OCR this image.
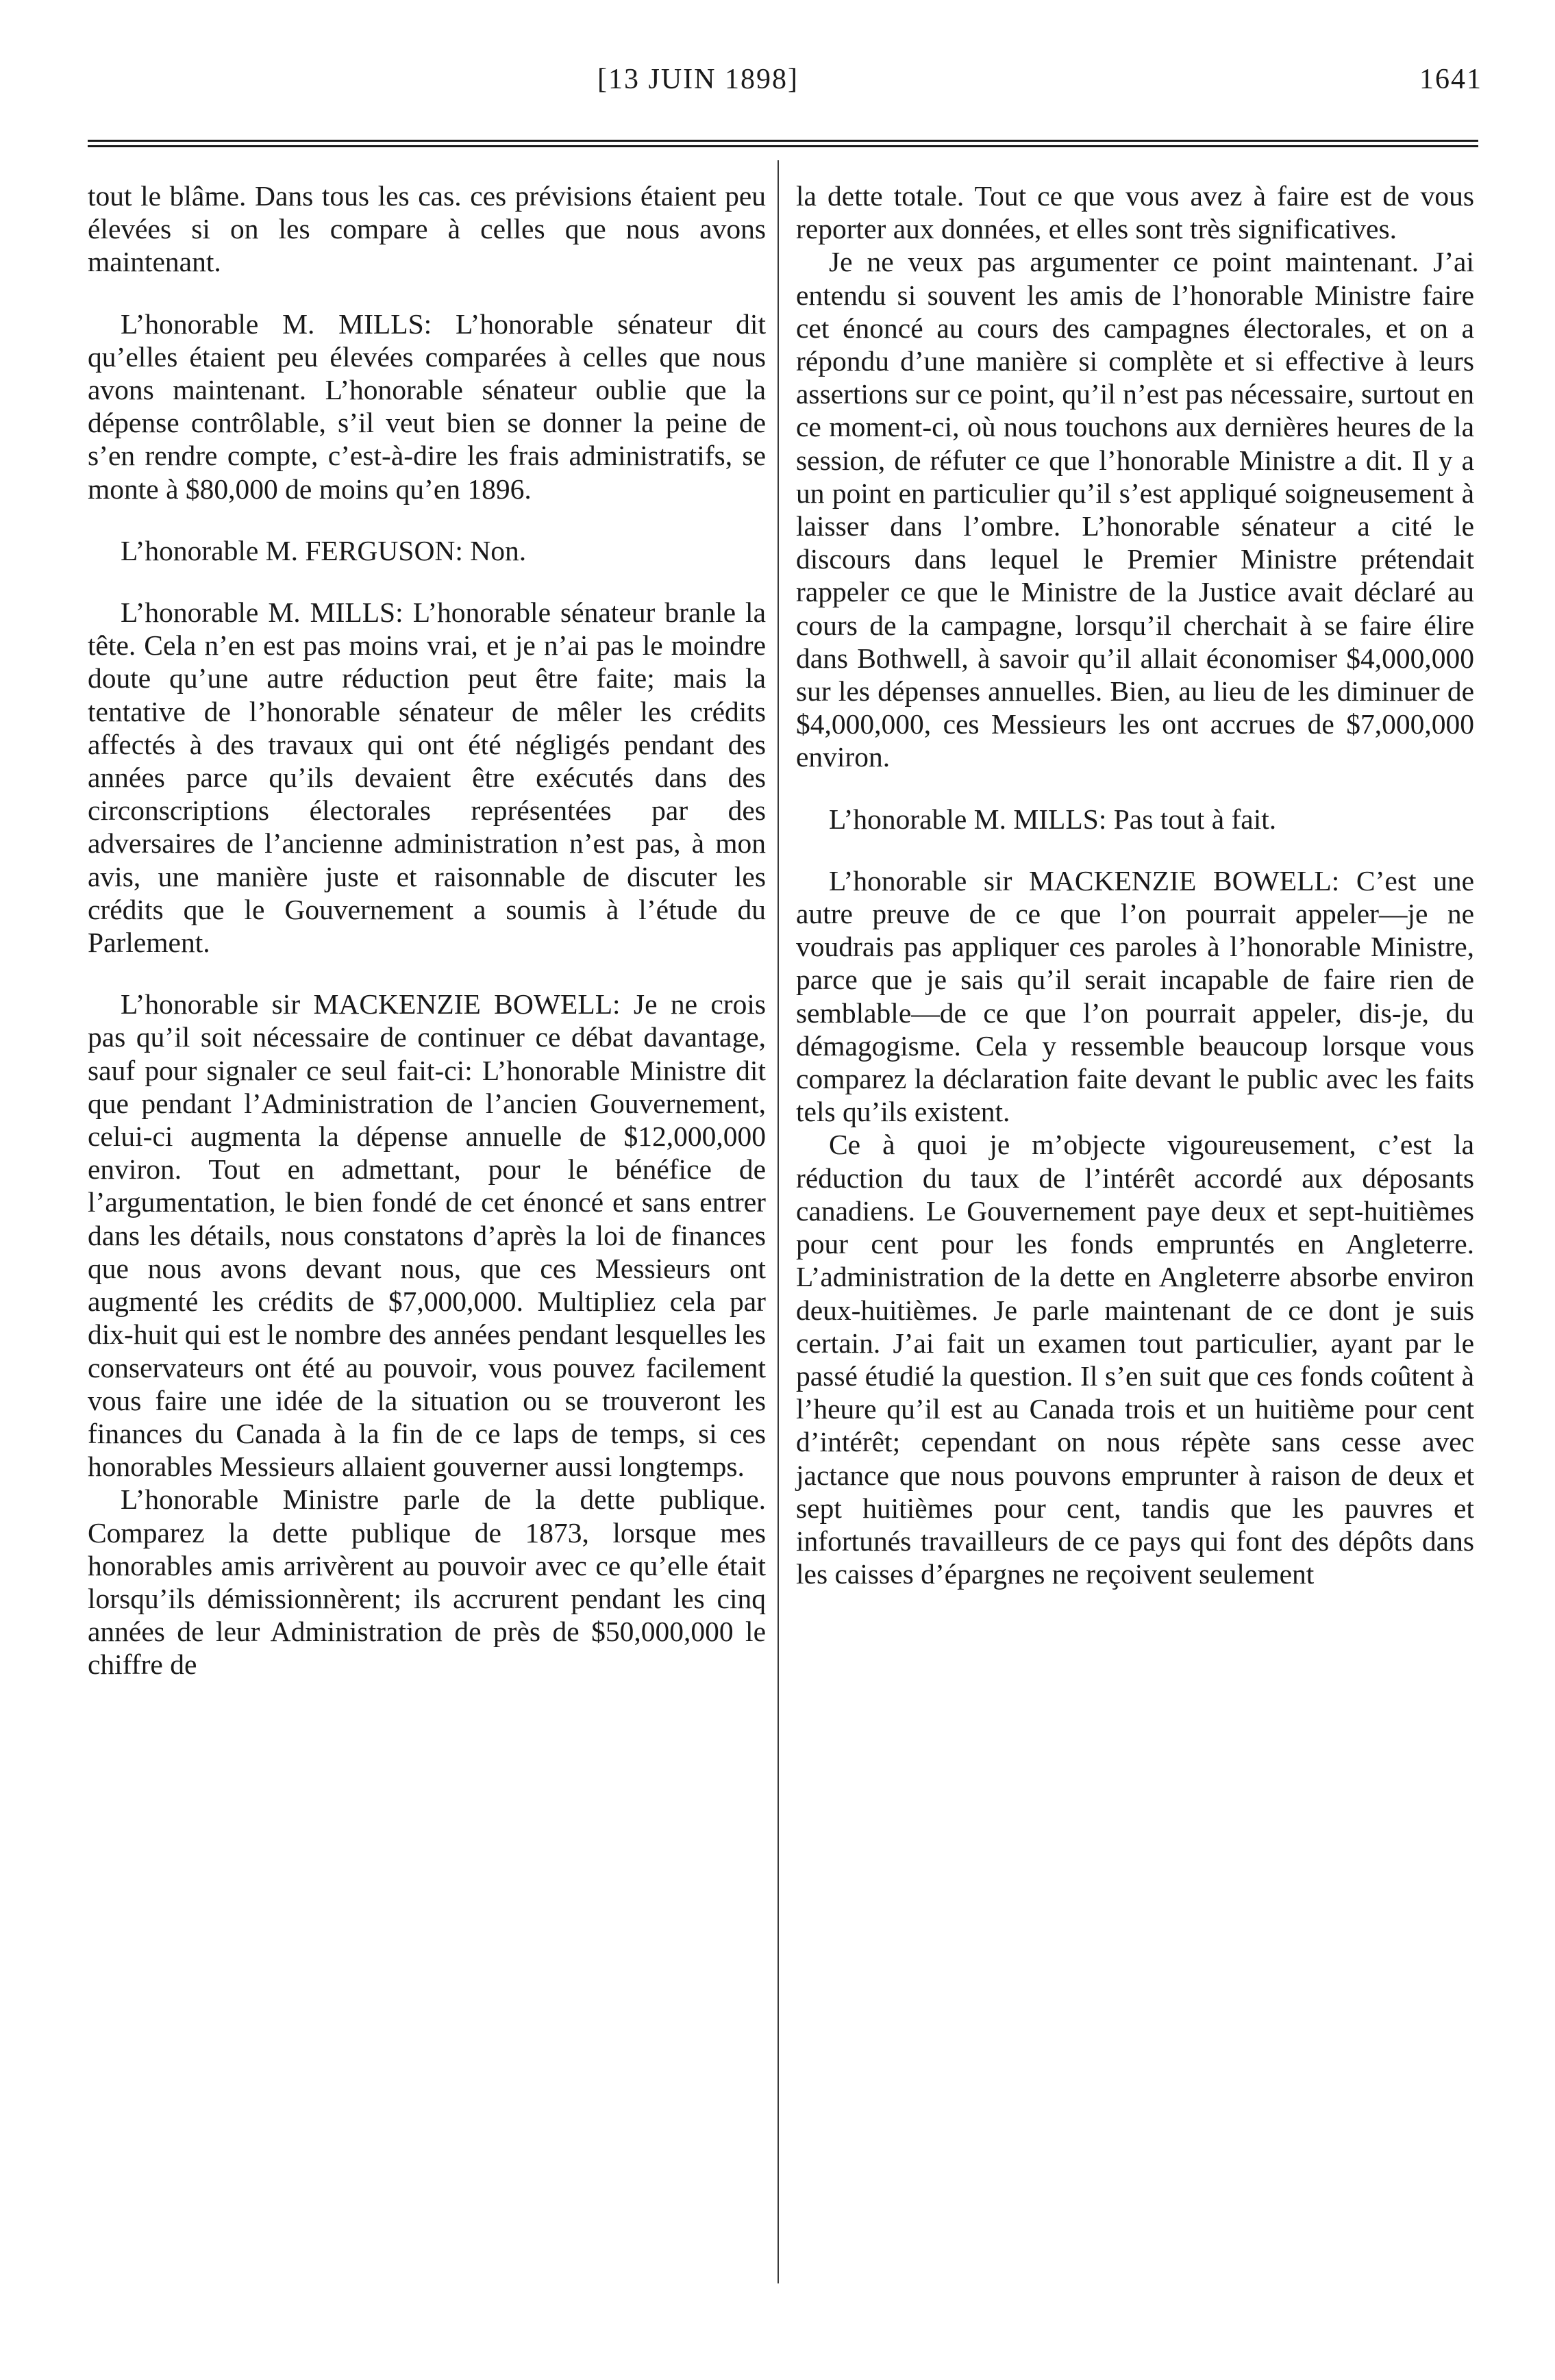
[13 JUIN 1898]	1641

tout le blâme. Dans tous les cas. ces prévisions étaient peu élevées si on les compare à celles que nous avons maintenant.

L’honorable M. MILLS: L’honorable sénateur dit qu’elles étaient peu élevées comparées à celles que nous avons maintenant. L’honorable sénateur oublie que la dépense contrôlable, s’il veut bien se donner la peine de s’en rendre compte, c’est-à-dire les frais administratifs, se monte à $80,000 de moins qu’en 1896.

L’honorable M. FERGUSON: Non.

L’honorable M. MILLS: L’honorable sénateur branle la tête. Cela n’en est pas moins vrai, et je n’ai pas le moindre doute qu’une autre réduction peut être faite; mais la tentative de l’honorable sénateur de mêler les crédits affectés à des travaux qui ont été négligés pendant des années parce qu’ils devaient être exécutés dans des circonscriptions électorales représentées par des adversaires de l’ancienne administration n’est pas, à mon avis, une manière juste et raisonnable de discuter les crédits que le Gouvernement a soumis à l’étude du Parlement.

L’honorable sir MACKENZIE BOWELL: Je ne crois pas qu’il soit nécessaire de continuer ce débat davantage, sauf pour signaler ce seul fait-ci: L’honorable Ministre dit que pendant l’Administration de l’ancien Gouvernement, celui-ci augmenta la dépense annuelle de $12,000,000 environ. Tout en admettant, pour le bénéfice de l’argumentation, le bien fondé de cet énoncé et sans entrer dans les détails, nous constatons d’après la loi de finances que nous avons devant nous, que ces Messieurs ont augmenté les crédits de $7,000,000. Multipliez cela par dix-huit qui est le nombre des années pendant lesquelles les conservateurs ont été au pouvoir, vous pouvez facilement vous faire une idée de la situation ou se trouveront les finances du Canada à la fin de ce laps de temps, si ces honorables Messieurs allaient gouverner aussi longtemps.

L’honorable Ministre parle de la dette publique. Comparez la dette publique de 1873, lorsque mes honorables amis arrivèrent au pouvoir avec ce qu’elle était lorsqu’ils démissionnèrent; ils accrurent pendant les cinq années de leur Administration de près de $50,000,000 le chiffre de

la dette totale. Tout ce que vous avez à faire est de vous reporter aux données, et elles sont très significatives.

Je ne veux pas argumenter ce point maintenant. J’ai entendu si souvent les amis de l’honorable Ministre faire cet énoncé au cours des campagnes électorales, et on a répondu d’une manière si complète et si effective à leurs assertions sur ce point, qu’il n’est pas nécessaire, surtout en ce moment-ci, où nous touchons aux dernières heures de la session, de réfuter ce que l’honorable Ministre a dit. Il y a un point en particulier qu’il s’est appliqué soigneusement à laisser dans l’ombre. L’honorable sénateur a cité le discours dans lequel le Premier Ministre prétendait rappeler ce que le Ministre de la Justice avait déclaré au cours de la campagne, lorsqu’il cherchait à se faire élire dans Bothwell, à savoir qu’il allait économiser $4,000,000 sur les dépenses annuelles. Bien, au lieu de les diminuer de $4,000,000, ces Messieurs les ont accrues de $7,000,000 environ.

L’honorable M. MILLS: Pas tout à fait.

L’honorable sir MACKENZIE BOWELL: C’est une autre preuve de ce que l’on pourrait appeler—je ne voudrais pas appliquer ces paroles à l’honorable Ministre, parce que je sais qu’il serait incapable de faire rien de semblable—de ce que l’on pourrait appeler, dis-je, du démagogisme. Cela y ressemble beaucoup lorsque vous comparez la déclaration faite devant le public avec les faits tels qu’ils existent.

Ce à quoi je m’objecte vigoureusement, c’est la réduction du taux de l’intérêt accordé aux déposants canadiens. Le Gouvernement paye deux et sept-huitièmes pour cent pour les fonds empruntés en Angleterre. L’administration de la dette en Angleterre absorbe environ deux-huitièmes. Je parle maintenant de ce dont je suis certain. J’ai fait un examen tout particulier, ayant par le passé étudié la question. Il s’en suit que ces fonds coûtent à l’heure qu’il est au Canada trois et un huitième pour cent d’intérêt; cependant on nous répète sans cesse avec jactance que nous pouvons emprunter à raison de deux et sept huitièmes pour cent, tandis que les pauvres et infortunés travailleurs de ce pays qui font des dépôts dans les caisses d’épargnes ne reçoivent seulement
